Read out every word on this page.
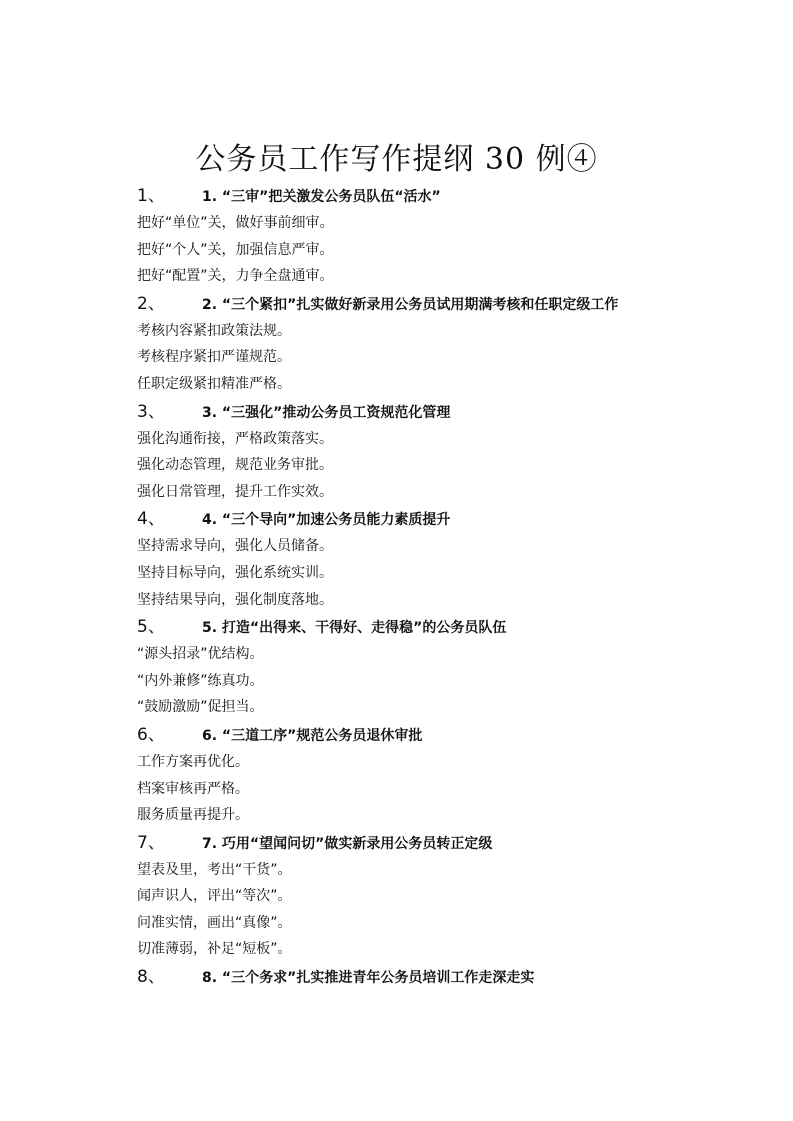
公务员工作写作提纲 30 例④
1、	1. “三审”把关激发公务员队伍“活水”
把好“单位”关，做好事前细审。
把好“个人”关，加强信息严审。
把好“配置”关，力争全盘通审。
2、	2. “三个紧扣”扎实做好新录用公务员试用期满考核和任职定级工作
考核内容紧扣政策法规。
考核程序紧扣严谨规范。
任职定级紧扣精准严格。
3、	3. “三强化”推动公务员工资规范化管理
强化沟通衔接，严格政策落实。
强化动态管理，规范业务审批。
强化日常管理，提升工作实效。
4、	4. “三个导向”加速公务员能力素质提升
坚持需求导向，强化人员储备。
坚持目标导向，强化系统实训。
坚持结果导向，强化制度落地。
5、	5. 打造“出得来、干得好、走得稳”的公务员队伍
“源头招录”优结构。
“内外兼修”练真功。
“鼓励激励”促担当。
6、	6. “三道工序”规范公务员退休审批
工作方案再优化。
档案审核再严格。
服务质量再提升。
7、	7. 巧用“望闻问切”做实新录用公务员转正定级
望表及里，考出“干货”。
闻声识人，评出“等次”。
问准实情，画出“真像”。
切准薄弱，补足“短板”。
8、	8. “三个务求”扎实推进青年公务员培训工作走深走实
